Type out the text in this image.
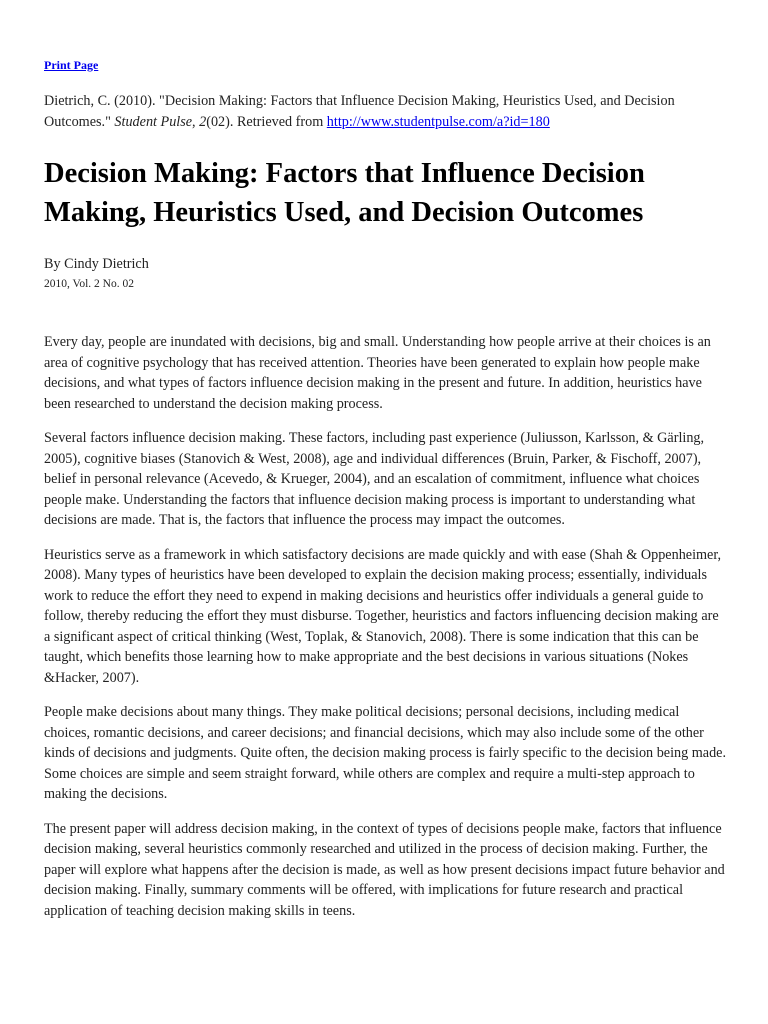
Print Page
Dietrich, C. (2010). "Decision Making: Factors that Influence Decision Making, Heuristics Used, and Decision Outcomes." Student Pulse, 2(02). Retrieved from http://www.studentpulse.com/a?id=180
Decision Making: Factors that Influence Decision Making, Heuristics Used, and Decision Outcomes
By Cindy Dietrich
2010, Vol. 2 No. 02

Every day, people are inundated with decisions, big and small. Understanding how people arrive at their choices is an area of cognitive psychology that has received attention. Theories have been generated to explain how people make decisions, and what types of factors influence decision making in the present and future. In addition, heuristics have been researched to understand the decision making process.

Several factors influence decision making. These factors, including past experience (Juliusson, Karlsson, & Gärling, 2005), cognitive biases (Stanovich & West, 2008), age and individual differences (Bruin, Parker, & Fischoff, 2007), belief in personal relevance (Acevedo, & Krueger, 2004), and an escalation of commitment, influence what choices people make. Understanding the factors that influence decision making process is important to understanding what decisions are made. That is, the factors that influence the process may impact the outcomes.

Heuristics serve as a framework in which satisfactory decisions are made quickly and with ease (Shah & Oppenheimer, 2008). Many types of heuristics have been developed to explain the decision making process; essentially, individuals work to reduce the effort they need to expend in making decisions and heuristics offer individuals a general guide to follow, thereby reducing the effort they must disburse. Together, heuristics and factors influencing decision making are a significant aspect of critical thinking (West, Toplak, & Stanovich, 2008). There is some indication that this can be taught, which benefits those learning how to make appropriate and the best decisions in various situations (Nokes &Hacker, 2007).

People make decisions about many things. They make political decisions; personal decisions, including medical choices, romantic decisions, and career decisions; and financial decisions, which may also include some of the other kinds of decisions and judgments. Quite often, the decision making process is fairly specific to the decision being made. Some choices are simple and seem straight forward, while others are complex and require a multi-step approach to making the decisions.

The present paper will address decision making, in the context of types of decisions people make, factors that influence decision making, several heuristics commonly researched and utilized in the process of decision making. Further, the paper will explore what happens after the decision is made, as well as how present decisions impact future behavior and decision making. Finally, summary comments will be offered, with implications for future research and practical application of teaching decision making skills in teens.
